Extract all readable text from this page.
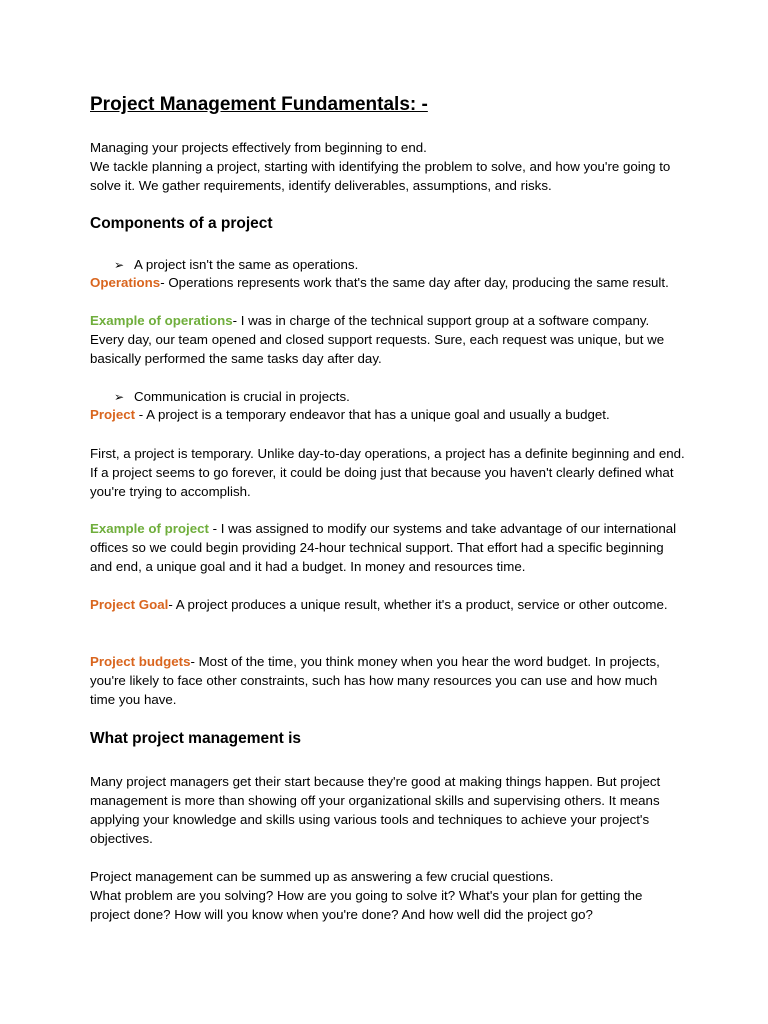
Project Management Fundamentals: -

Managing your projects effectively from beginning to end.
We tackle planning a project, starting with identifying the problem to solve, and how you're going to solve it. We gather requirements, identify deliverables, assumptions, and risks.

Components of a project

➢ A project isn't the same as operations.

Operations- Operations represents work that's the same day after day, producing the same result.

Example of operations- I was in charge of the technical support group at a software company. Every day, our team opened and closed support requests. Sure, each request was unique, but we basically performed the same tasks day after day.

➢ Communication is crucial in projects.

Project - A project is a temporary endeavor that has a unique goal and usually a budget.

First, a project is temporary. Unlike day-to-day operations, a project has a definite beginning and end. If a project seems to go forever, it could be doing just that because you haven't clearly defined what you're trying to accomplish.

Example of project - I was assigned to modify our systems and take advantage of our international offices so we could begin providing 24-hour technical support. That effort had a specific beginning and end, a unique goal and it had a budget. In money and resources time.

Project Goal- A project produces a unique result, whether it's a product, service or other outcome.

Project budgets- Most of the time, you think money when you hear the word budget. In projects, you're likely to face other constraints, such has how many resources you can use and how much time you have.

What project management is

Many project managers get their start because they're good at making things happen. But project management is more than showing off your organizational skills and supervising others. It means applying your knowledge and skills using various tools and techniques to achieve your project's objectives.

Project management can be summed up as answering a few crucial questions.
What problem are you solving? How are you going to solve it? What's your plan for getting the project done? How will you know when you're done? And how well did the project go?
